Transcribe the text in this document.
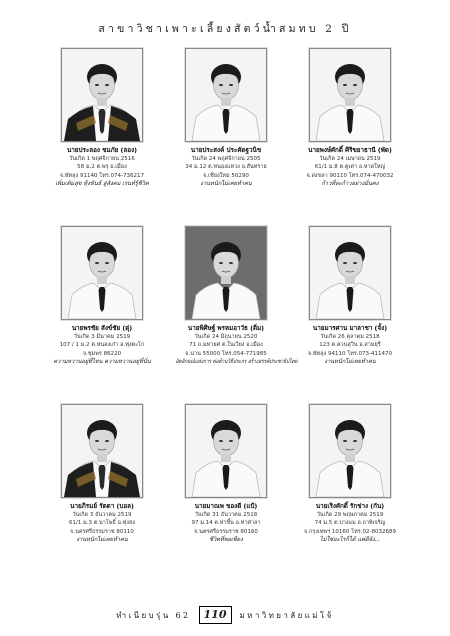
สาขาวิชาเพาะเลี้ยงสัตว์น้ำสมทบ 2 ปี
นายประลอง ชมภัย (ลอง)
วันเกิด 1 พฤศจิกายน 2516
58 ม.2 ต.พรุ อ.เมือง
จ.พัทลุง 91140 โทร.074-736217
เพิ่มเติมสุข ทุ้งขันธ์ สู่สังคม เรนท์รู้ชีวิต
นายประสงค์ ประคัดฐวนิช
วันเกิด 24 พฤศจิกายน 2505
34 ม.12 ต.หนองแหวง อ.สันทราย
จ.เชียงใหม่ 50290
งานหนักไม่เคยทำคน
นายพงษ์ศักดิ์ ศิริขยาธานี (พัด)
วันเกิด 24 เมษายน 2519
61/1 ม.8 ต.คูเต่า อ.หาดใหญ่
จ.สงขลา 90110 โทร.074-470032
ก้าวที่ละก้าวอย่างมั่นคง
นายพรชัย สังข์ชัย (ตุ่)
วันเกิด 3 มีนาคม 2519
107 / 1 ม.2 ต.หนองเก๋า อ.ทุ่งตะโก
จ.ชุมพร 86220
ความหวานอยู่ที่ไหน ความหวานอยู่ที่นั่น
นายพิศิษฐ์ พรหมอาวัธ (ติ่ม)
วันเกิด 24 มิถุนายน 2520
71 ถ.มหายศ ต.ในเวียง อ.เมือง
จ.น่าน 55000 โทร.054-771985
อัตลักษณ์แห่งการ ต่อต้านวิธีประกร สร้างสรรค์ประชาธิปไตย
นายมารศาน มาลาชา (จั้ง)
วันเกิด 26 ตุลาคม 2518
123 ต.ควนสุวิน อ.สามยุรี
จ.พัทลุง 94110 โทร.073-411470
งานหนักไม่เคยทำคน
นายภิรมย์ รัตตา (บอล)
วันเกิด 3 ธันวาคม 2519
61/1 ม.3 ต.นาโพธิ์ อ.ทุ่งสง
จ.นครศรีธรรมราช 80110
งานหนักไม่เคยทำคน
นายมาณพ ของดี (แป้)
วันเกิด 31 ธันวาคม 2518
97 ม.14 ต.ท่าขึ้น อ.ท่าศาลา
จ.นครศรีธรรมราช 80160
ชีวิตที่พอเพียง
นายเริงศักดิ์ รักช่าง (กัน)
วันเกิด 29 พฤษภาคม 2519
74 ม.5 ต.บางแม อ.ถาพิเจริญ
จ.กรุงเทพฯ 10160 โทร.02-8032689
ไม่ใช่อะไรก็ได้ แต่ดีจัง...
ทำเนียบรุ่น 62	110	มหาวิทยาลัยแม่โจ้
